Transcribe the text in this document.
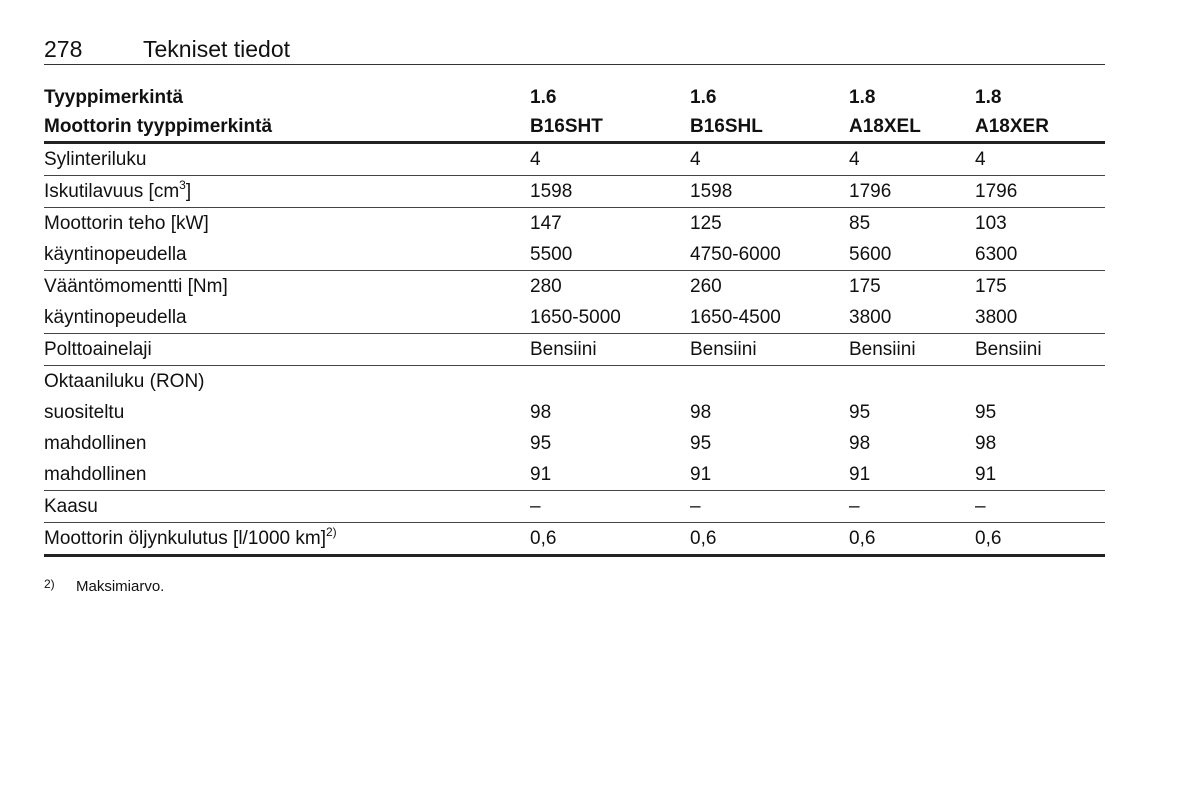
278	Tekniset tiedot
Tyyppimerkintä	1.6	1.6	1.8	1.8
Moottorin tyyppimerkintä	B16SHT	B16SHL	A18XEL	A18XER
Sylinteriluku	4	4	4	4
Iskutilavuus $[cm^3]$	1598	1598	1796	1796
Moottorin teho [kW]	147	125	85	103
käyntinopeudella	5500	4750-6000	5600	6300
Vääntömomentti [Nm]	280	260	175	175
käyntinopeudella	1650-5000	1650-4500	3800	3800
Polttoainelaji	Bensiini	Bensiini	Bensiini	Bensiini
Oktaaniluku (RON)				
suositeltu	98	98	95	95
mahdollinen	95	95	98	98
mahdollinen	91	91	91	91
Kaasu	–	–	–	–
Moottorin öljynkulutus [l/1000 km]$^{2)}$	0,6	0,6	0,6	0,6
2)	Maksimiarvo.
